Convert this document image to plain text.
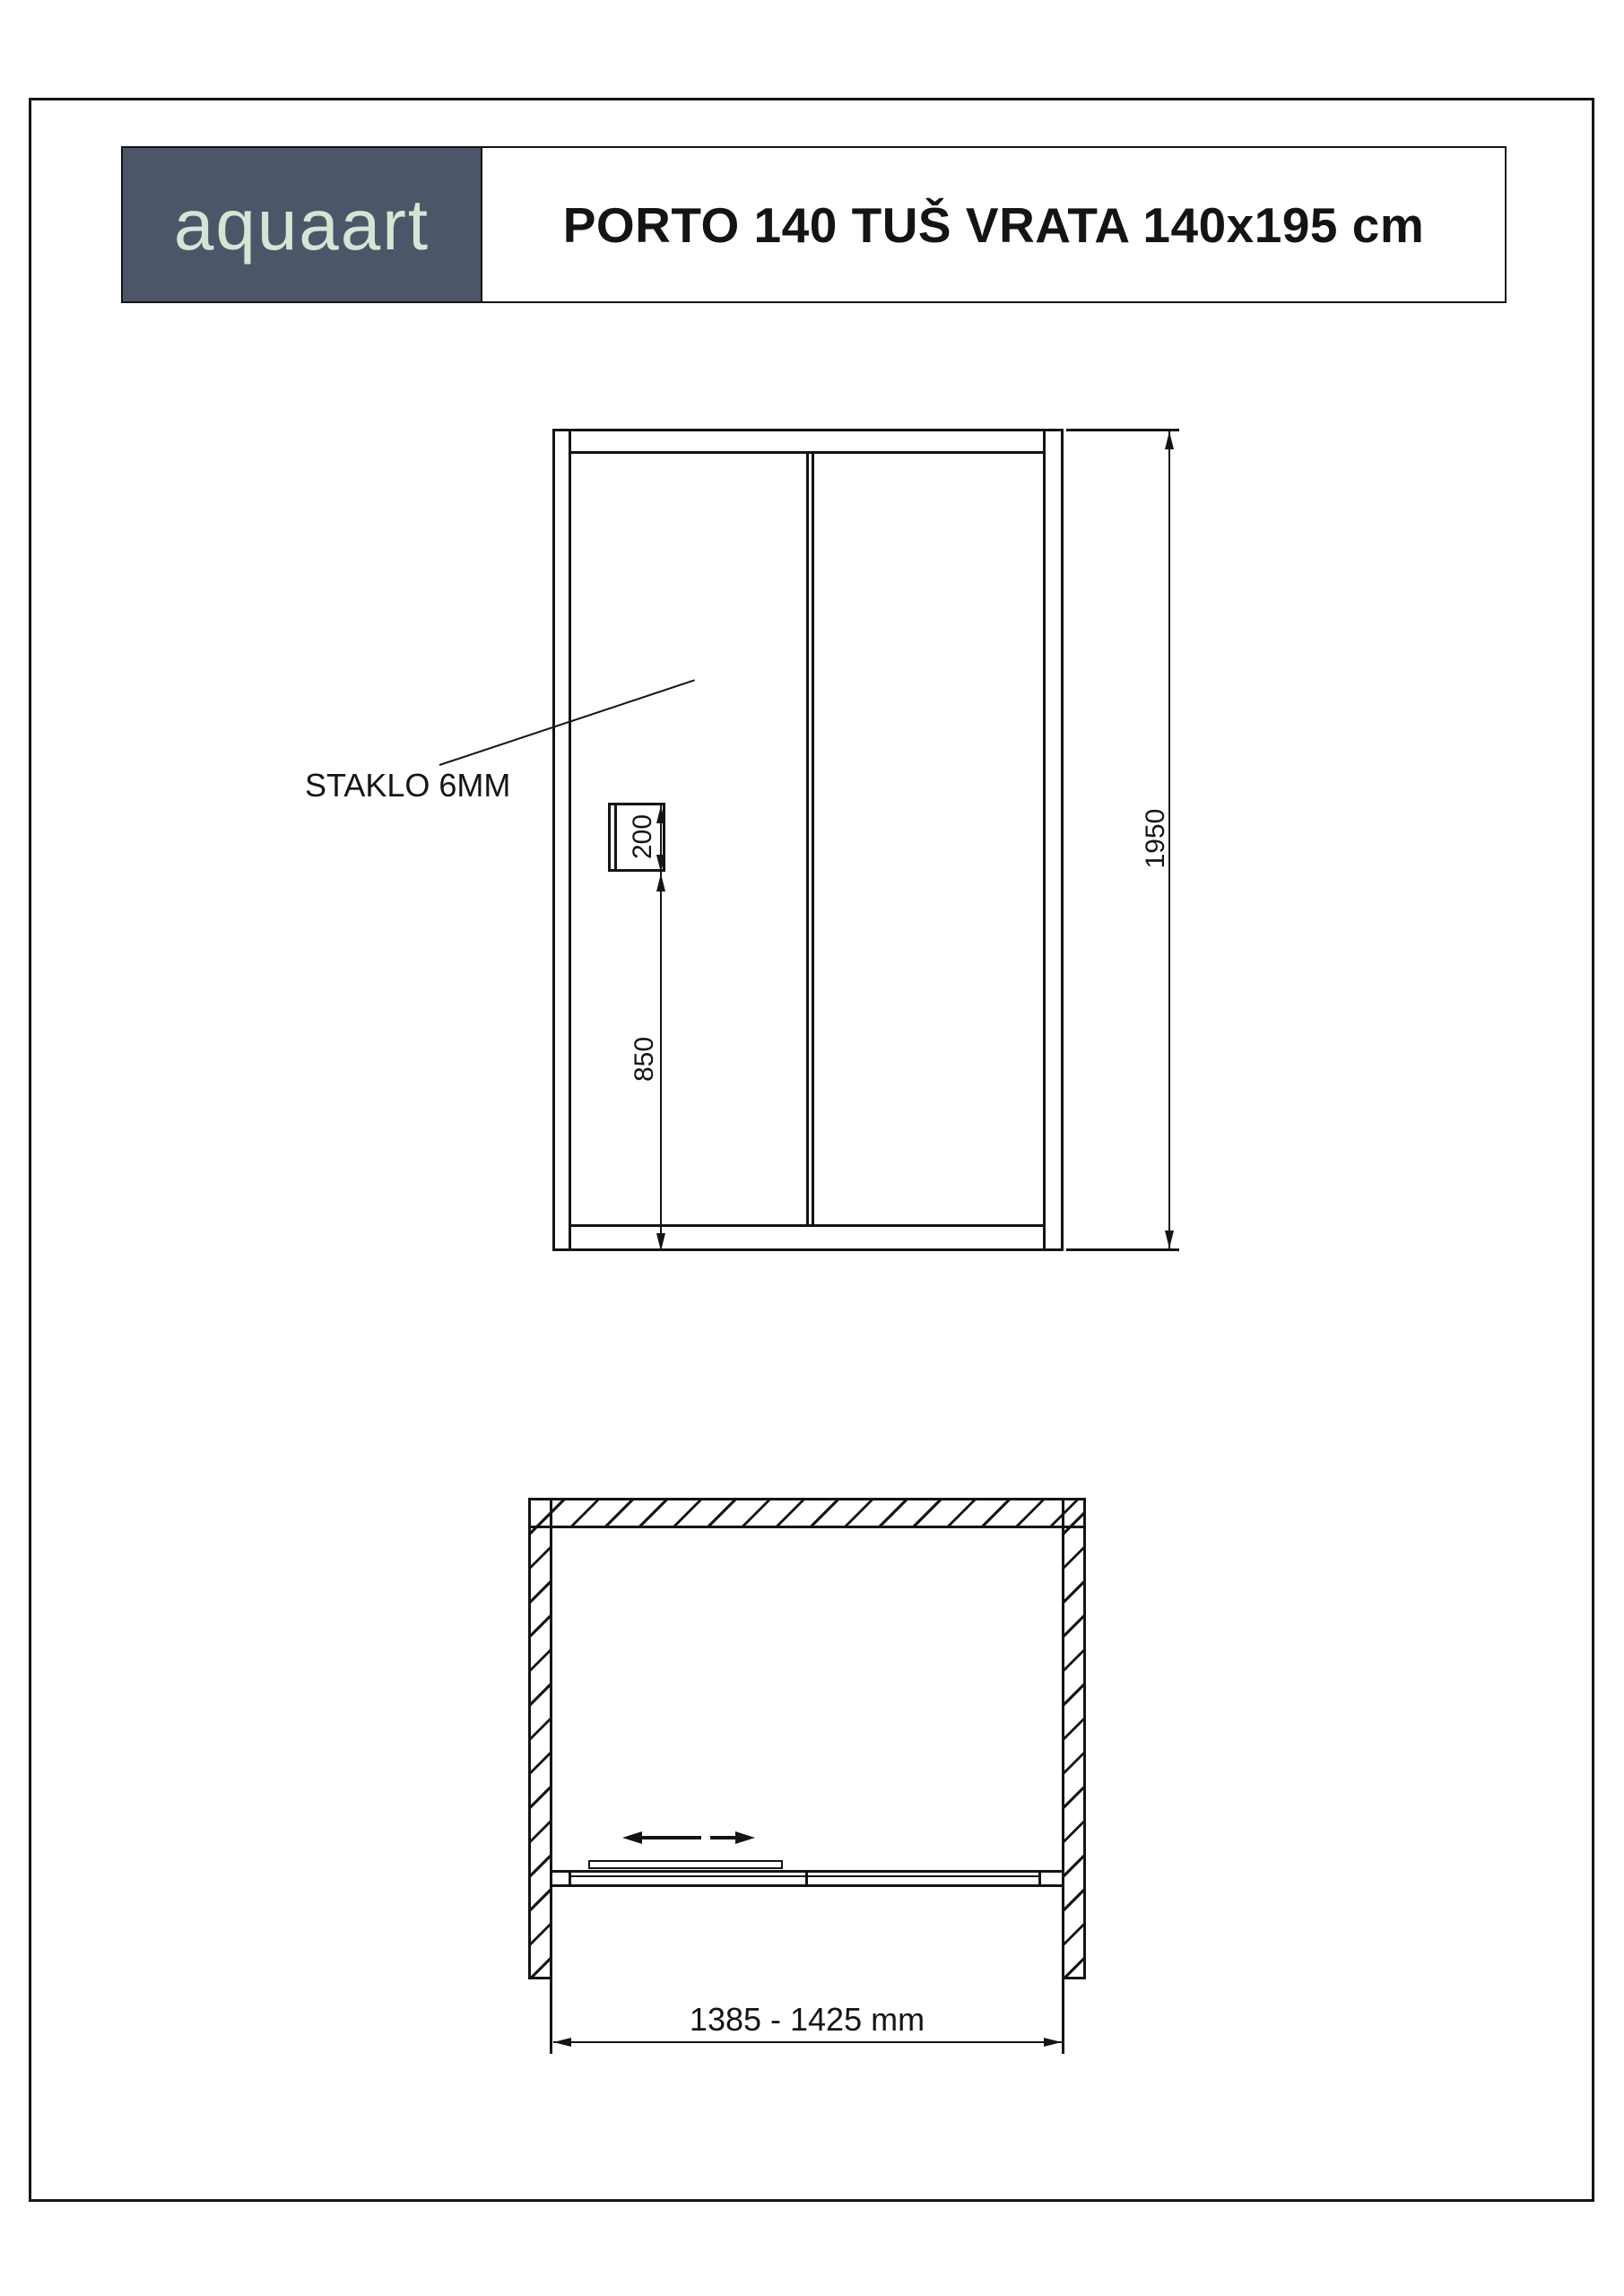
aquaart	PORTO 140 TUŠ VRATA 140x195 cm
STAKLO 6MM
200
850
1950
1385 - 1425 mm
